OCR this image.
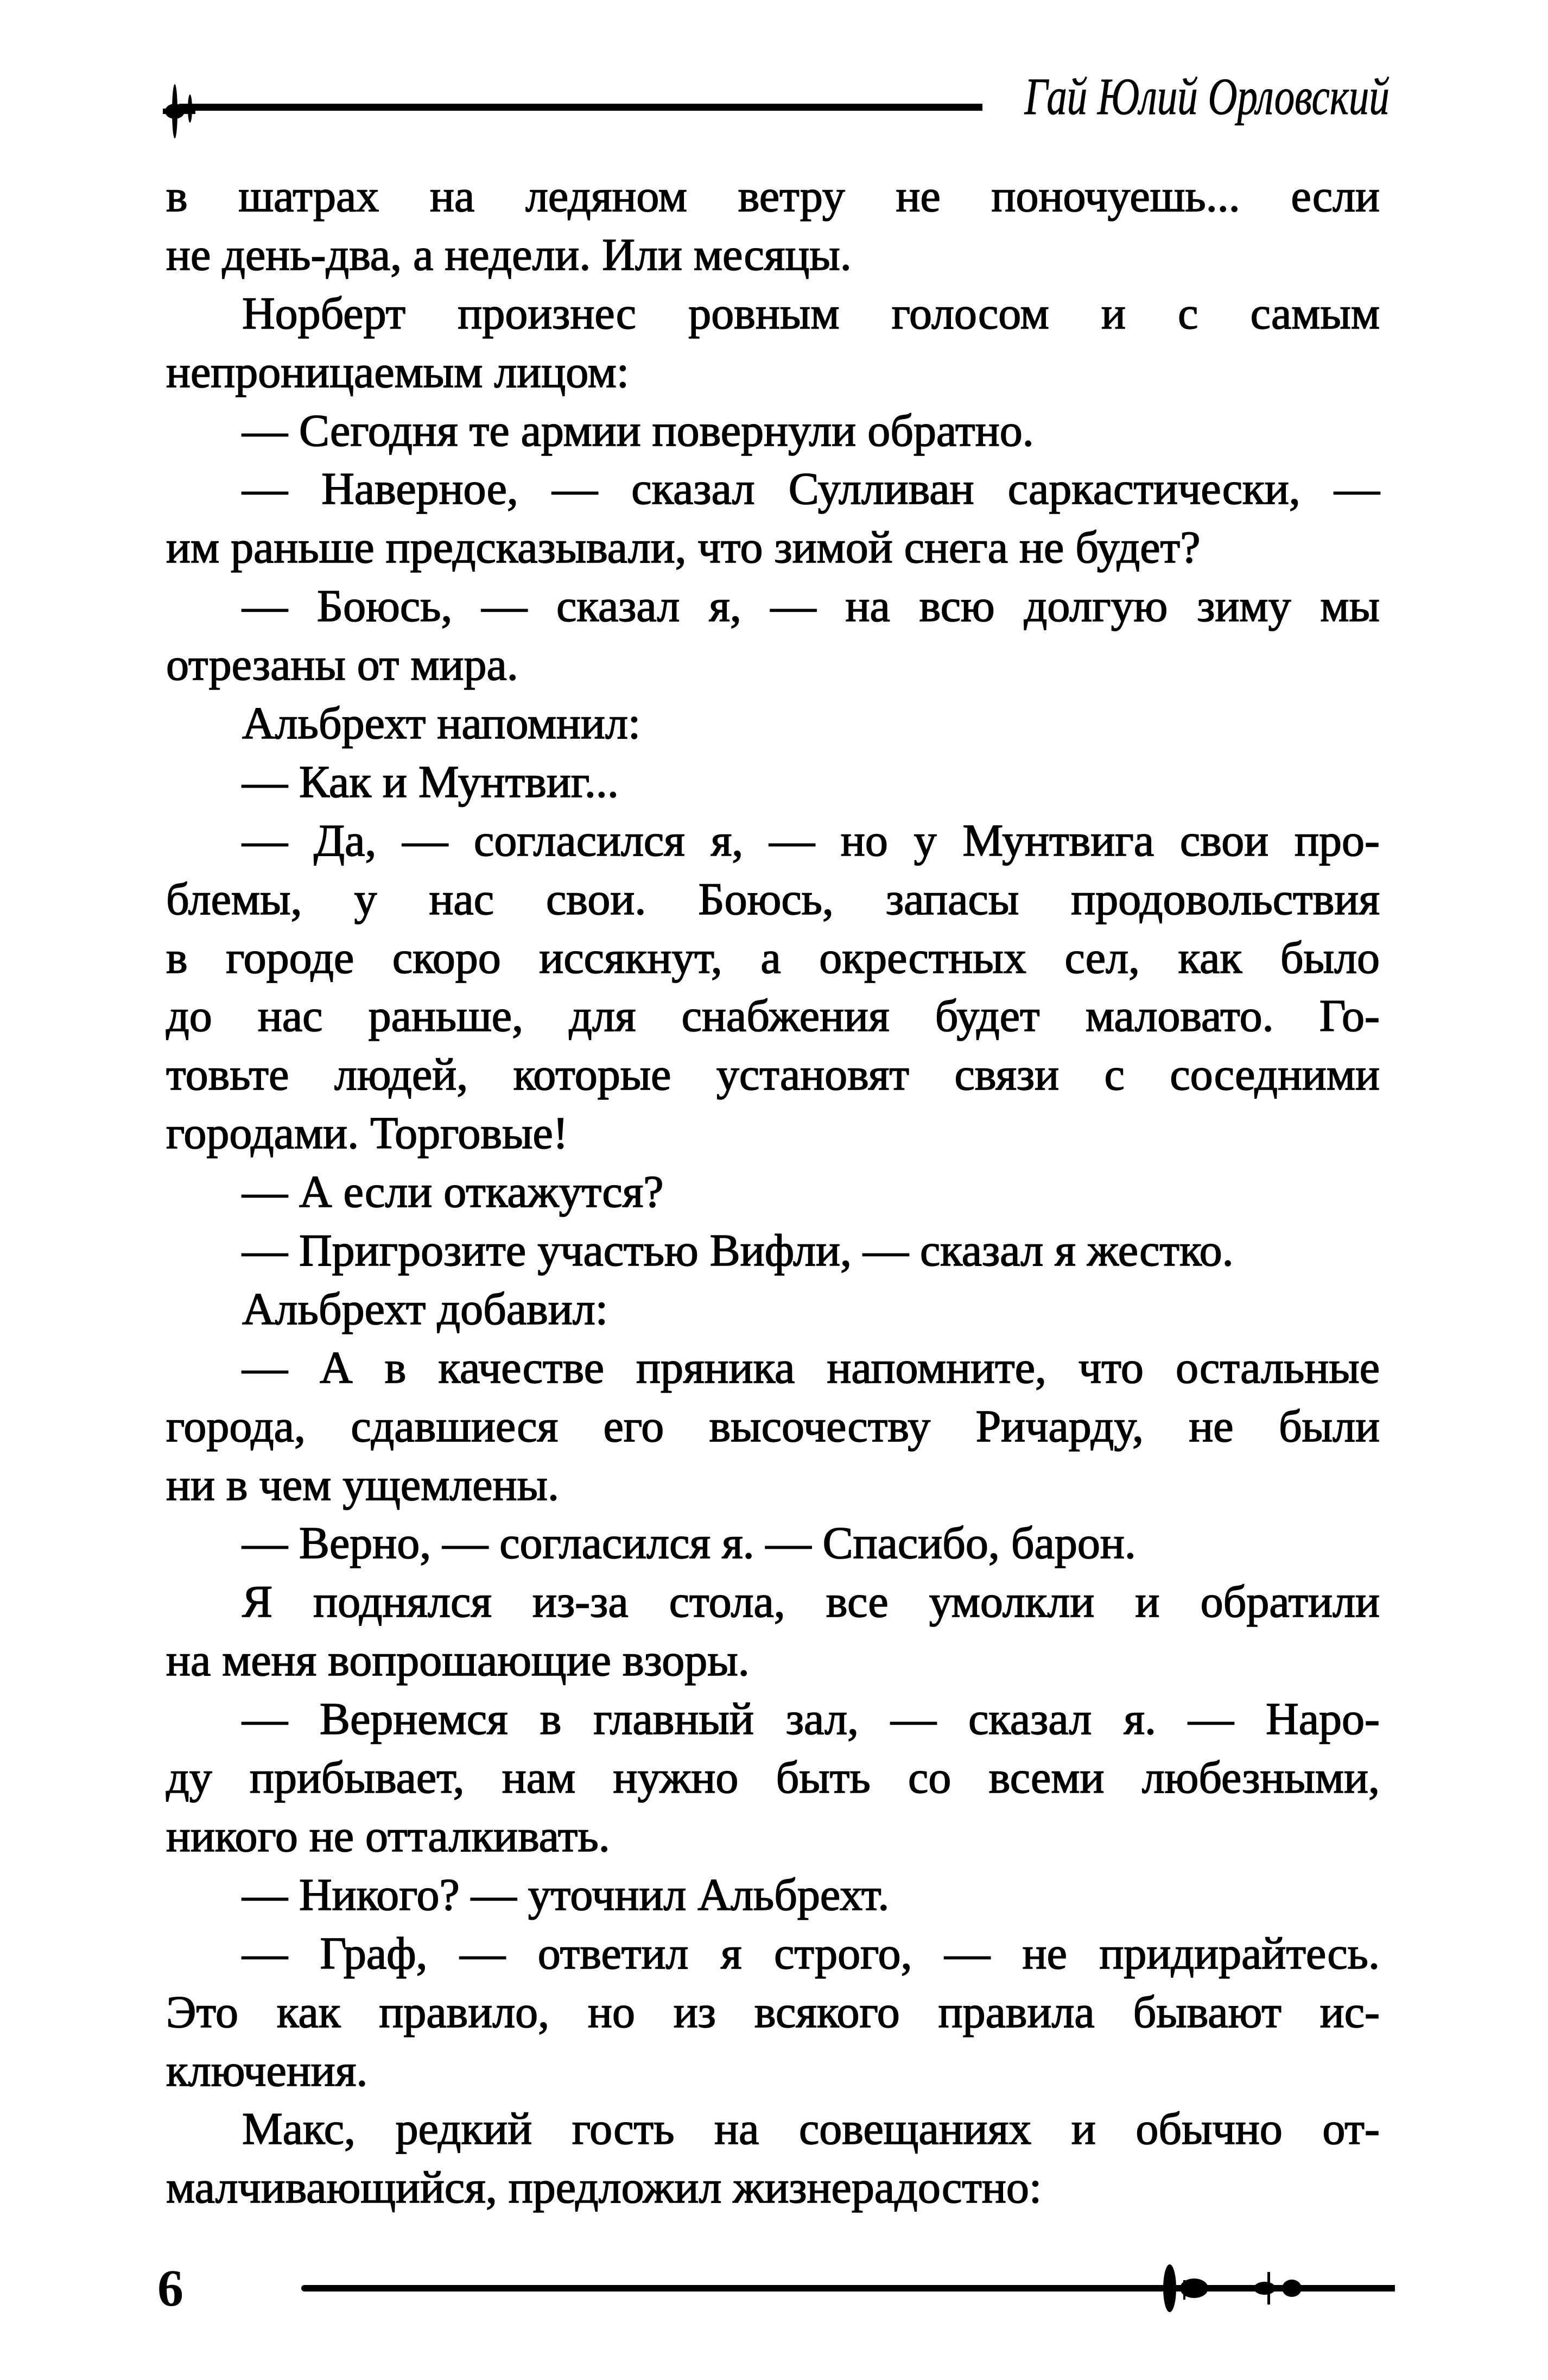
Гай Юлий Орловский
в шатрах на ледяном ветру не поночуешь... если
не день-два, а недели. Или месяцы.
Норберт произнес ровным голосом и с самым
непроницаемым лицом:
— Сегодня те армии повернули обратно.
— Наверное, — сказал Сулливан саркастически, —
им раньше предсказывали, что зимой снега не будет?
— Боюсь, — сказал я, — на всю долгую зиму мы
отрезаны от мира.
Альбрехт напомнил:
— Как и Мунтвиг...
— Да, — согласился я, — но у Мунтвига свои про-
блемы, у нас свои. Боюсь, запасы продовольствия
в городе скоро иссякнут, а окрестных сел, как было
до нас раньше, для снабжения будет маловато. Го-
товьте людей, которые установят связи с соседними
городами. Торговые!
— А если откажутся?
— Пригрозите участью Вифли, — сказал я жестко.
Альбрехт добавил:
— А в качестве пряника напомните, что остальные
города, сдавшиеся его высочеству Ричарду, не были
ни в чем ущемлены.
— Верно, — согласился я. — Спасибо, барон.
Я поднялся из-за стола, все умолкли и обратили
на меня вопрошающие взоры.
— Вернемся в главный зал, — сказал я. — Наро-
ду прибывает, нам нужно быть со всеми любезными,
никого не отталкивать.
— Никого? — уточнил Альбрехт.
— Граф, — ответил я строго, — не придирайтесь.
Это как правило, но из всякого правила бывают ис-
ключения.
Макс, редкий гость на совещаниях и обычно от-
малчивающийся, предложил жизнерадостно:
6
